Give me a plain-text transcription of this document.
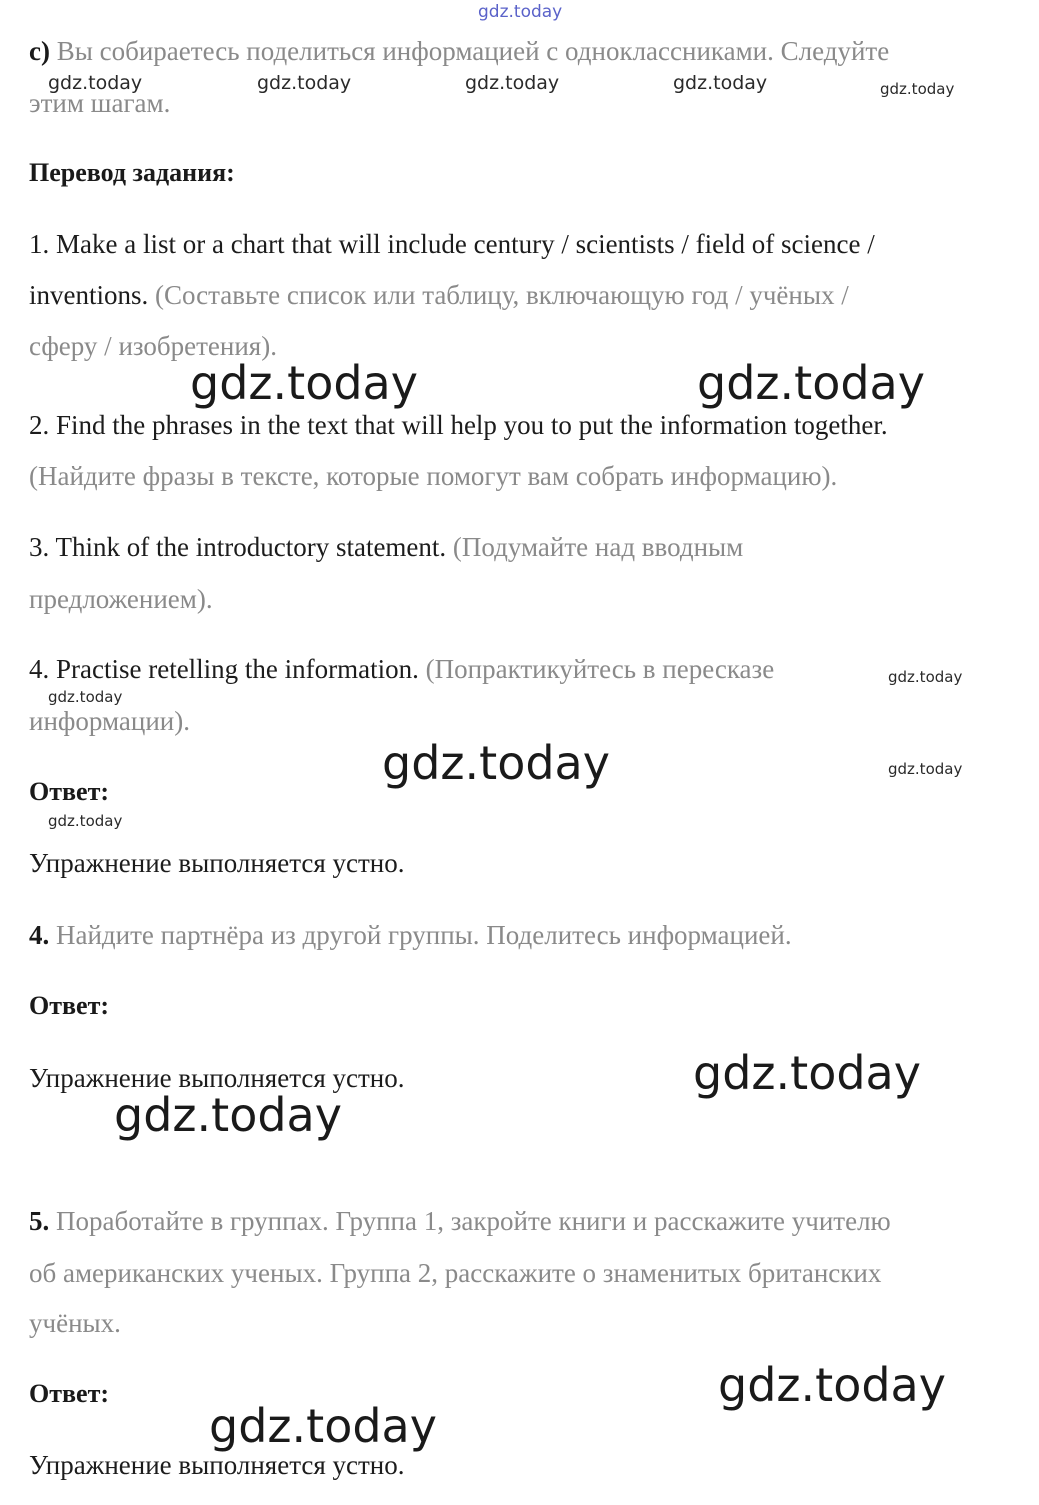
gdz.today
c) Вы собираетесь поделиться информацией с одноклассниками. Следуйте
этим шагам.
gdz.today	gdz.today	gdz.today	gdz.today	gdz.today
Перевод задания:
1. Make a list or a chart that will include century / scientists / field of science /
inventions. (Составьте список или таблицу, включающую год / учёных /
сферу / изобретения).
gdz.today	gdz.today
2. Find the phrases in the text that will help you to put the information together.
(Найдите фразы в тексте, которые помогут вам собрать информацию).
3. Think of the introductory statement. (Подумайте над вводным
предложением).
4. Practise retelling the information. (Попрактикуйтесь в пересказе
информации).
gdz.today
gdz.today
gdz.today	gdz.today
Ответ:
gdz.today
Упражнение выполняется устно.
4. Найдите партнёра из другой группы. Поделитесь информацией.
Ответ:
Упражнение выполняется устно.	gdz.today
gdz.today
5. Поработайте в группах. Группа 1, закройте книги и расскажите учителю
об американских ученых. Группа 2, расскажите о знаменитых британских
учёных.
gdz.today
Ответ:
gdz.today
Упражнение выполняется устно.
